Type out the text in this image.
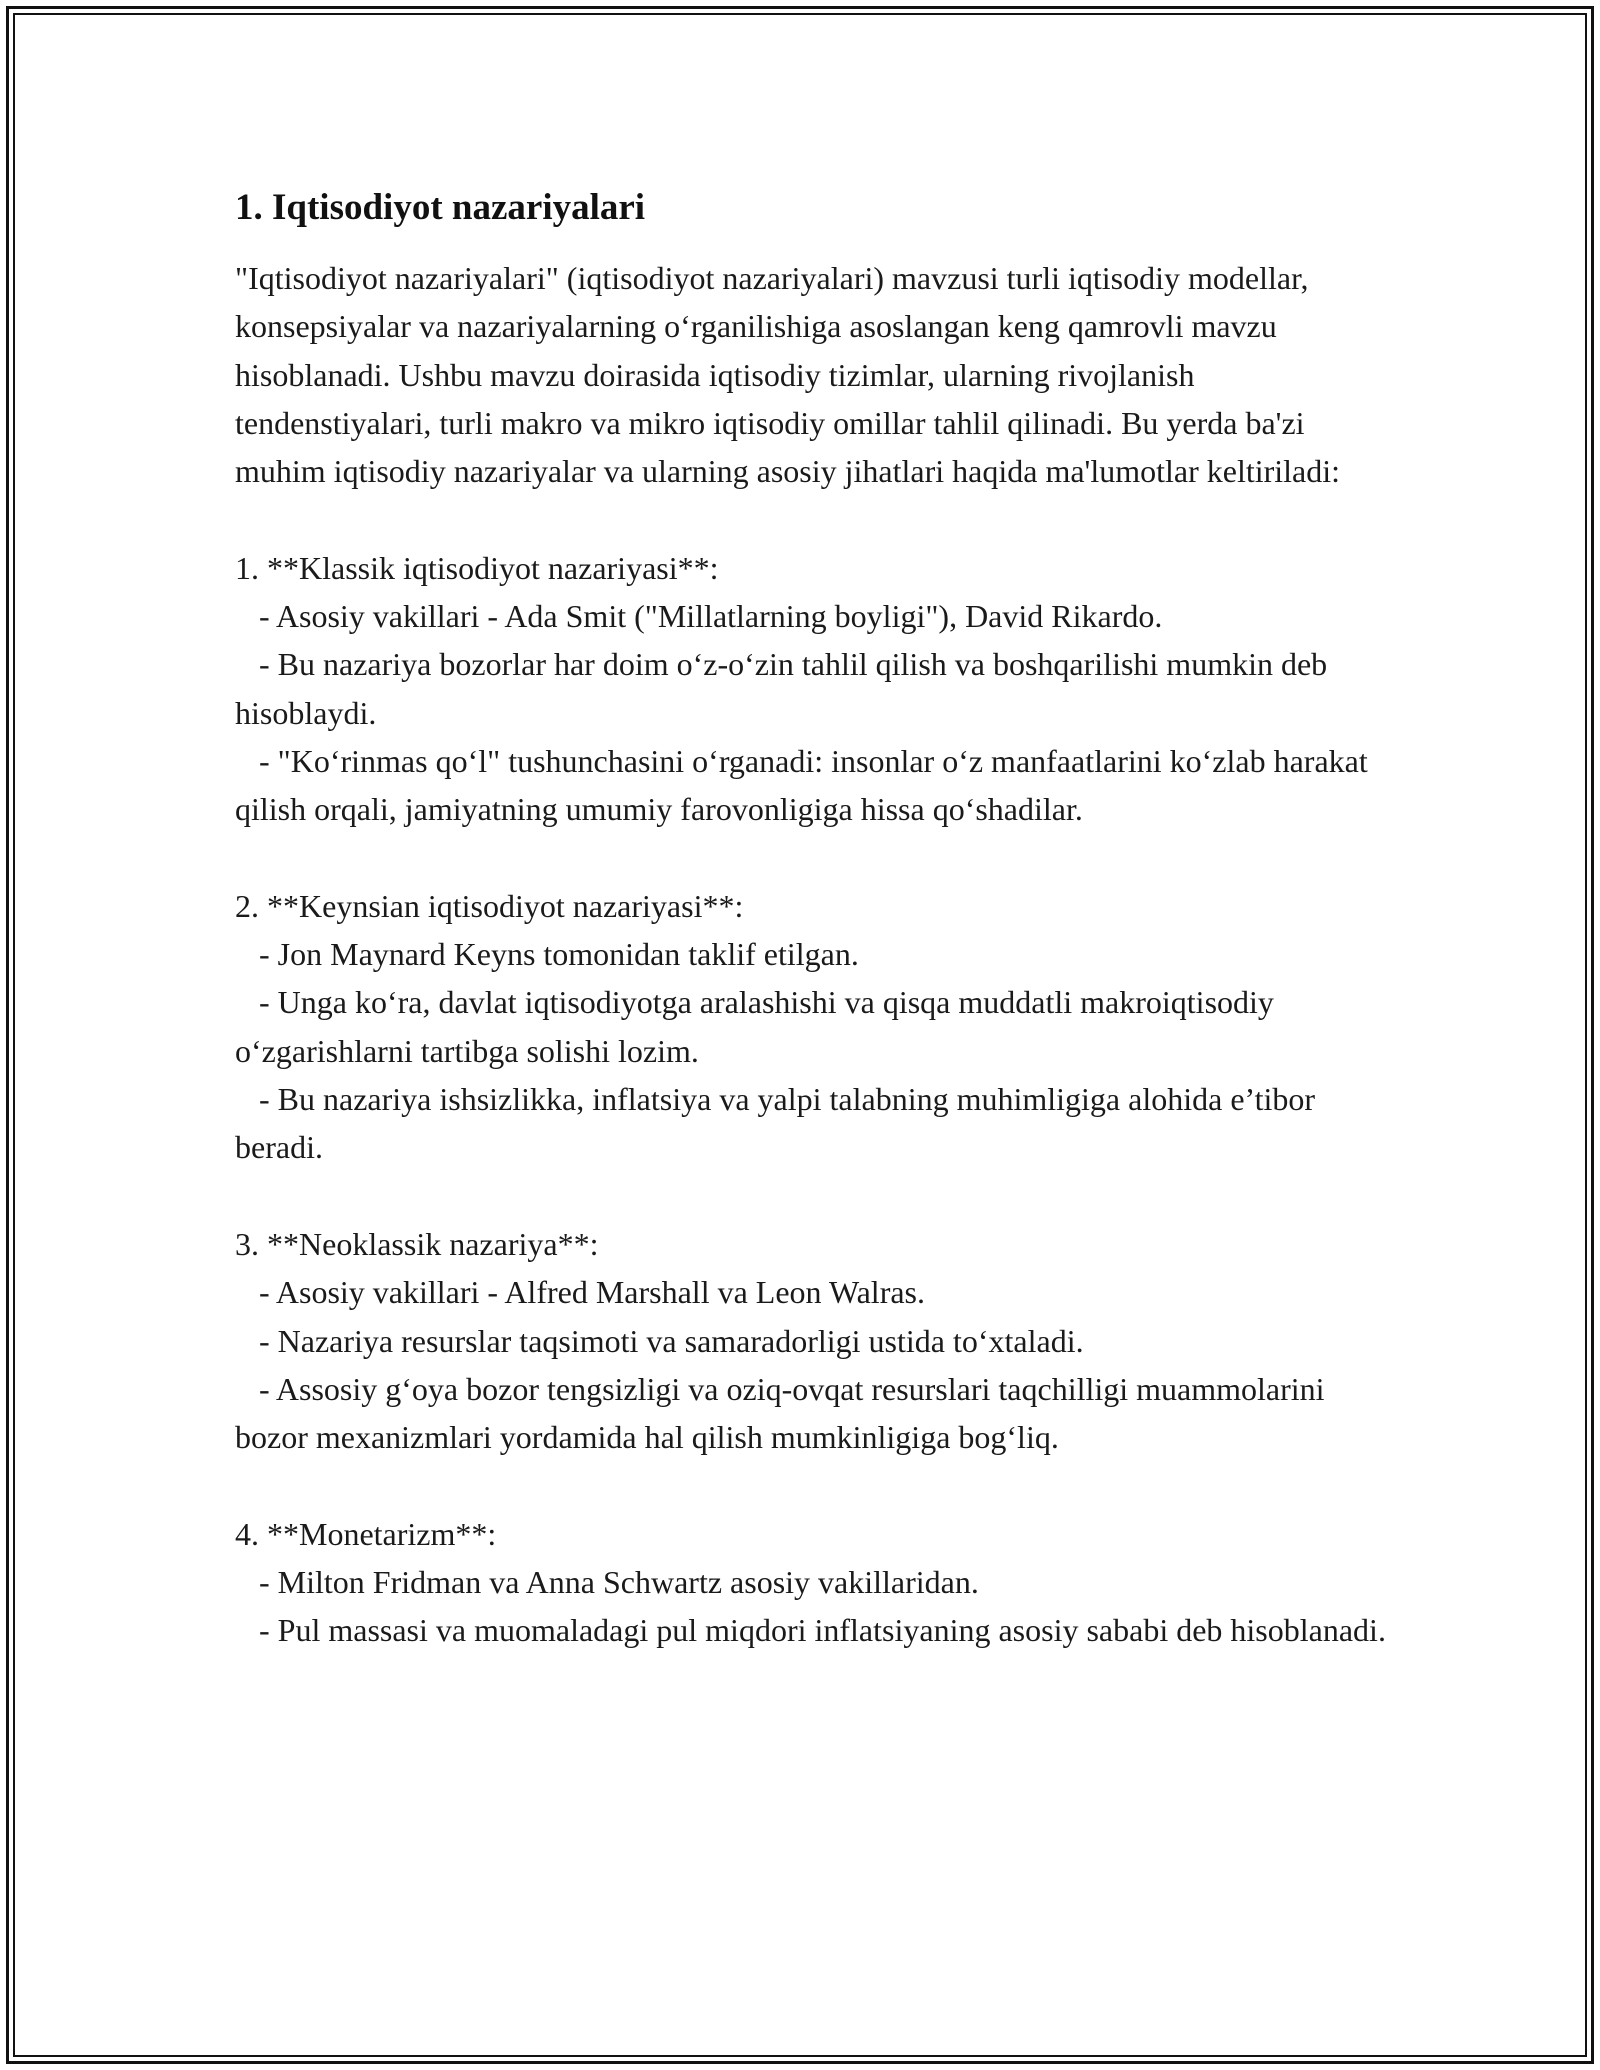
1. Iqtisodiyot nazariyalari

"Iqtisodiyot nazariyalari" (iqtisodiyot nazariyalari) mavzusi turli iqtisodiy modellar, konsepsiyalar va nazariyalarning o‘rganilishiga asoslangan keng qamrovli mavzu hisoblanadi. Ushbu mavzu doirasida iqtisodiy tizimlar, ularning rivojlanish tendenstiyalari, turli makro va mikro iqtisodiy omillar tahlil qilinadi. Bu yerda ba'zi muhim iqtisodiy nazariyalar va ularning asosiy jihatlari haqida ma'lumotlar keltiriladi:

1. **Klassik iqtisodiyot nazariyasi**:
- Asosiy vakillari - Ada Smit ("Millatlarning boyligi"), David Rikardo.
- Bu nazariya bozorlar har doim o‘z-o‘zin tahlil qilish va boshqarilishi mumkin deb hisoblaydi.
- "Ko‘rinmas qo‘l" tushunchasini o‘rganadi: insonlar o‘z manfaatlarini ko‘zlab harakat qilish orqali, jamiyatning umumiy farovonligiga hissa qo‘shadilar.

2. **Keynsian iqtisodiyot nazariyasi**:
- Jon Maynard Keyns tomonidan taklif etilgan.
- Unga ko‘ra, davlat iqtisodiyotga aralashishi va qisqa muddatli makroiqtisodiy o‘zgarishlarni tartibga solishi lozim.
- Bu nazariya ishsizlikka, inflatsiya va yalpi talabning muhimligiga alohida e’tibor beradi.

3. **Neoklassik nazariya**:
- Asosiy vakillari - Alfred Marshall va Leon Walras.
- Nazariya resurslar taqsimoti va samaradorligi ustida to‘xtaladi.
- Assosiy g‘oya bozor tengsizligi va oziq-ovqat resurslari taqchilligi muammolarini bozor mexanizmlari yordamida hal qilish mumkinligiga bog‘liq.

4. **Monetarizm**:
- Milton Fridman va Anna Schwartz asosiy vakillaridan.
- Pul massasi va muomaladagi pul miqdori inflatsiyaning asosiy sababi deb hisoblanadi.
